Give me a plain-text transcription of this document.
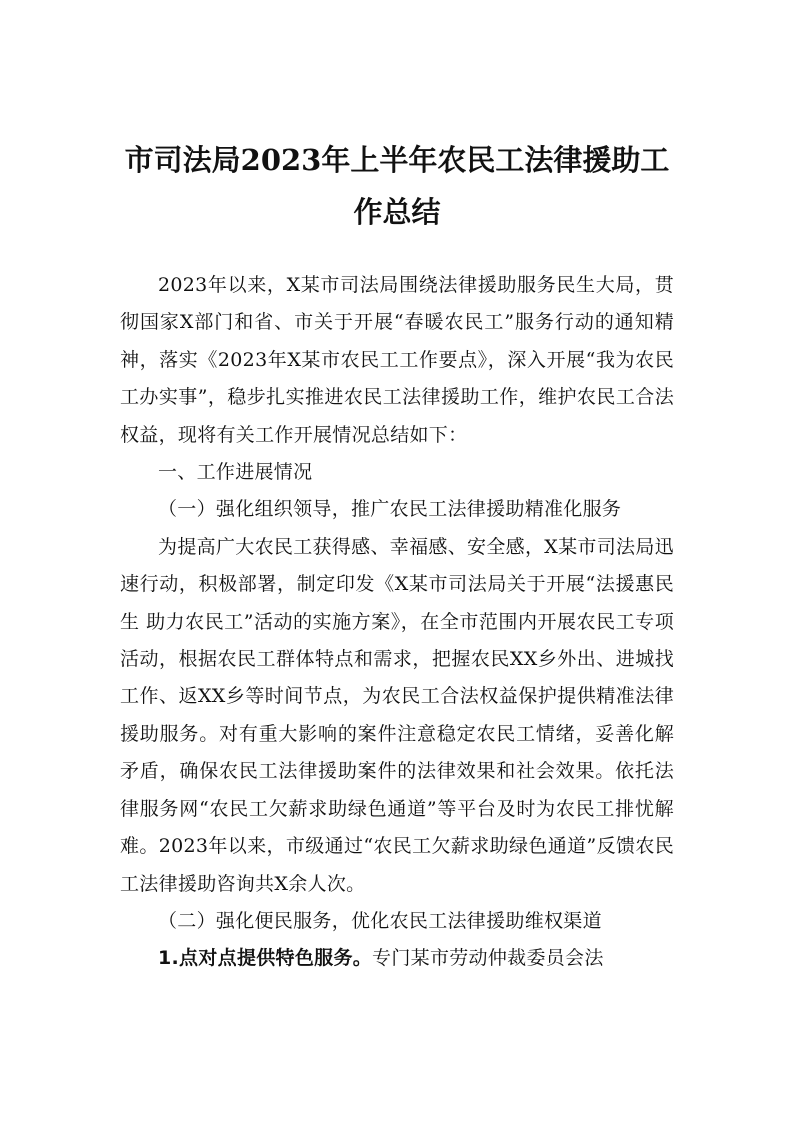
市司法局2023年上半年农民工法律援助工
作总结

2023年以来，X某市司法局围绕法律援助服务民生大局，贯彻国家X部门和省、市关于开展“春暖农民工”服务行动的通知精神，落实《2023年X某市农民工工作要点》，深入开展“我为农民工办实事”，稳步扎实推进农民工法律援助工作，维护农民工合法权益，现将有关工作开展情况总结如下：

一、工作进展情况

（一）强化组织领导，推广农民工法律援助精准化服务

为提高广大农民工获得感、幸福感、安全感，X某市司法局迅速行动，积极部署，制定印发《X某市司法局关于开展“法援惠民生 助力农民工”活动的实施方案》，在全市范围内开展农民工专项活动，根据农民工群体特点和需求，把握农民XX乡外出、进城找工作、返XX乡等时间节点，为农民工合法权益保护提供精准法律援助服务。对有重大影响的案件注意稳定农民工情绪，妥善化解矛盾，确保农民工法律援助案件的法律效果和社会效果。依托法律服务网“农民工欠薪求助绿色通道”等平台及时为农民工排忧解难。2023年以来，市级通过“农民工欠薪求助绿色通道”反馈农民工法律援助咨询共X余人次。

（二）强化便民服务，优化农民工法律援助维权渠道

1.点对点提供特色服务。专门某市劳动仲裁委员会法
